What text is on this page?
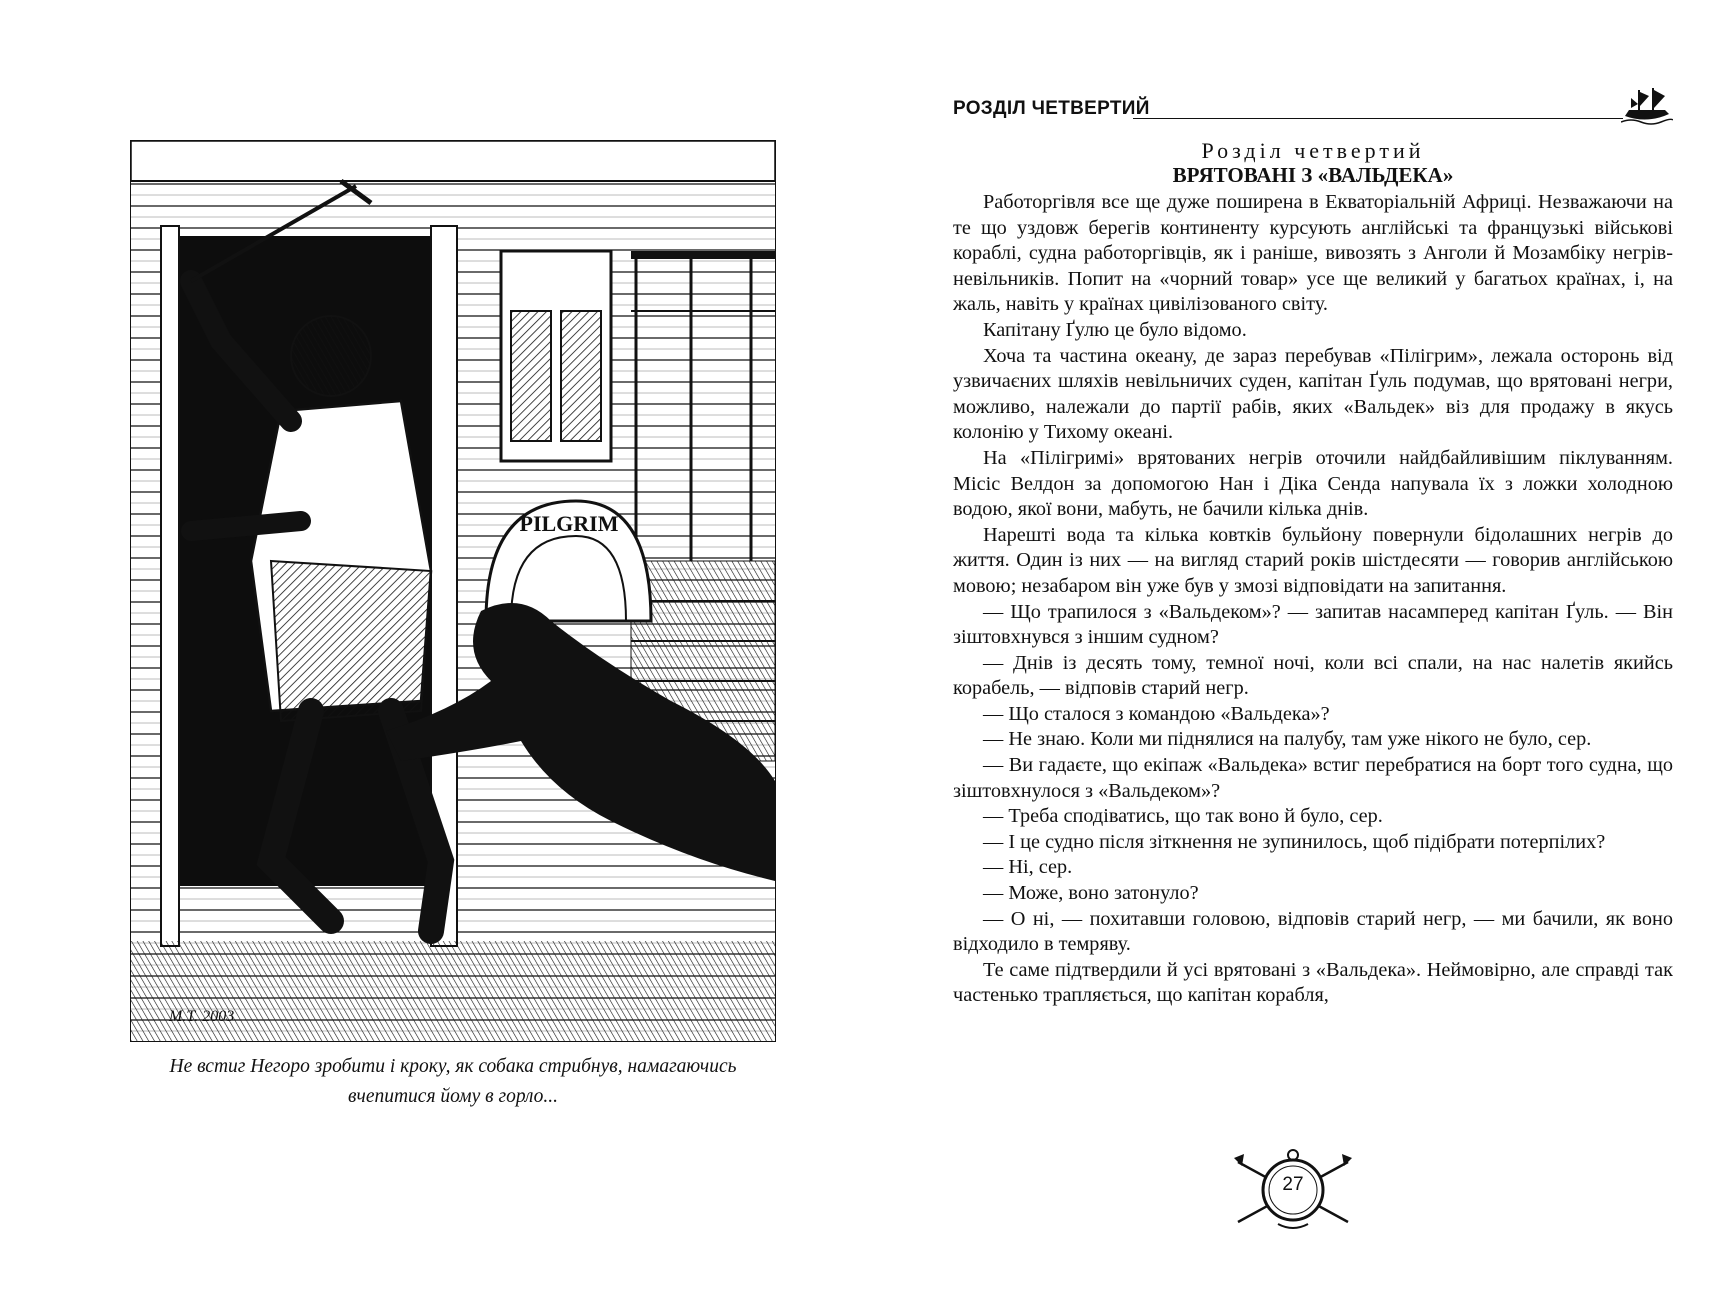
PILGRIM
М.Т. 2003
Не встиг Негоро зробити і кроку, як собака стрибнув, намагаючись вчепитися йому в горло...
РОЗДІЛ ЧЕТВЕРТИЙ
Розділ четвертий
ВРЯТОВАНІ З «ВАЛЬДЕКА»

Работоргівля все ще дуже поширена в Екваторіальній Африці. Незважаючи на те що уздовж берегів континенту курсують англійські та французькі військові кораблі, судна работоргівців, як і раніше, вивозять з Анголи й Мозамбіку негрів-невільників. Попит на «чорний товар» усе ще великий у багатьох країнах, і, на жаль, навіть у країнах цивілізованого світу.

Капітану Ґулю це було відомо.

Хоча та частина океану, де зараз перебував «Пілігрим», лежала осторонь від узвичаєних шляхів невільничих суден, капітан Ґуль подумав, що врятовані негри, можливо, належали до партії рабів, яких «Вальдек» віз для продажу в якусь колонію у Тихому океані.

На «Пілігримі» врятованих негрів оточили найдбайливішим піклуванням. Місіс Велдон за допомогою Нан і Діка Сенда напувала їх з ложки холодною водою, якої вони, мабуть, не бачили кілька днів.

Нарешті вода та кілька ковтків бульйону повернули бідолашних негрів до життя. Один із них — на вигляд старий років шістдесяти — говорив англійською мовою; незабаром він уже був у змозі відповідати на запитання.

— Що трапилося з «Вальдеком»? — запитав насамперед капітан Ґуль. — Він зіштовхнувся з іншим судном?

— Днів із десять тому, темної ночі, коли всі спали, на нас налетів якийсь корабель, — відповів старий негр.

— Що сталося з командою «Вальдека»?

— Не знаю. Коли ми піднялися на палубу, там уже нікого не було, сер.

— Ви гадаєте, що екіпаж «Вальдека» встиг перебратися на борт того судна, що зіштовхнулося з «Вальдеком»?

— Треба сподіватись, що так воно й було, сер.

— І це судно після зіткнення не зупинилось, щоб підібрати потерпілих?

— Ні, сер.

— Може, воно затонуло?

— О ні, — похитавши головою, відповів старий негр, — ми бачили, як воно відходило в темряву.

Те саме підтвердили й усі врятовані з «Вальдека». Неймовірно, але справді так частенько трапляється, що капітан корабля,

27
